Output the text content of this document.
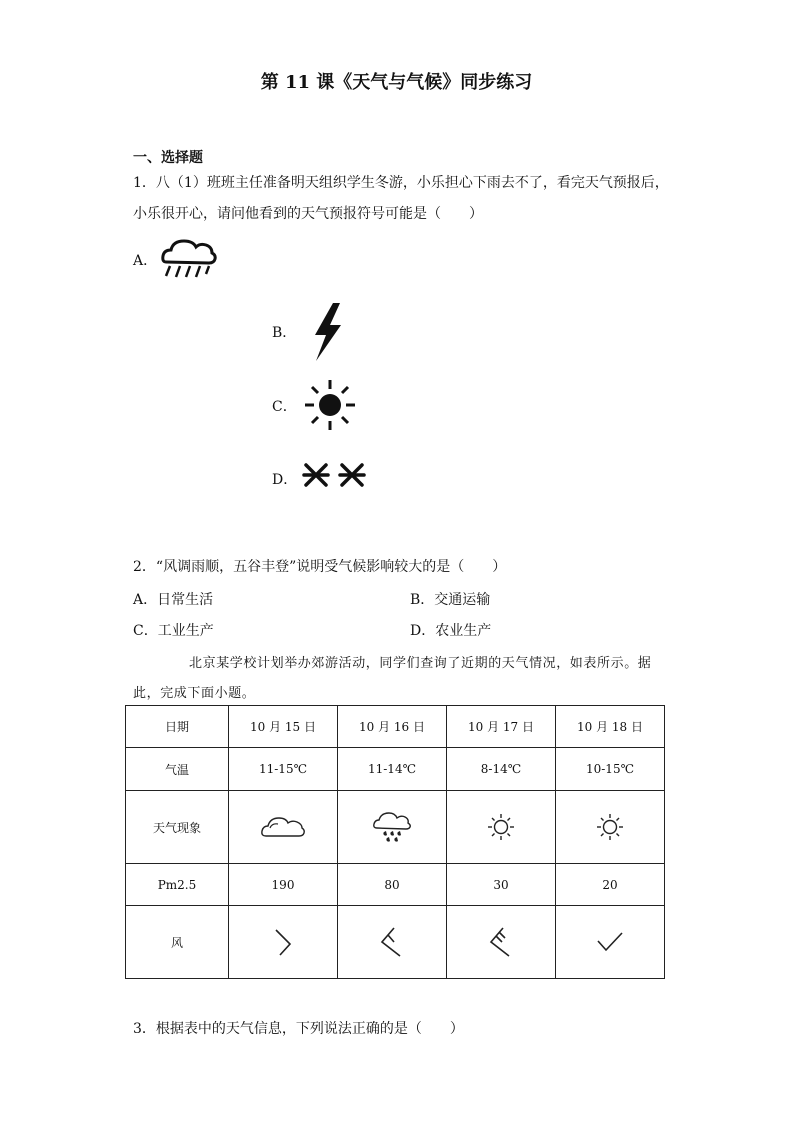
第 11 课《天气与气候》同步练习
一、选择题
1．八（1）班班主任准备明天组织学生冬游，小乐担心下雨去不了，看完天气预报后，
小乐很开心，请问他看到的天气预报符号可能是（　　）
A．
B．
C．
D．
2．“风调雨顺，五谷丰登”说明受气候影响较大的是（　　）
A．日常生活	B．交通运输
C．工业生产	D．农业生产
北京某学校计划举办郊游活动，同学们查询了近期的天气情况，如表所示。据
此，完成下面小题。
日期	10 月 15 日	10 月 16 日	10 月 17 日	10 月 18 日
气温	11-15℃	11-14℃	8-14℃	10-15℃
天气现象	

Pm2.5	190	80	30	20
风	

3．根据表中的天气信息，下列说法正确的是（　　）
